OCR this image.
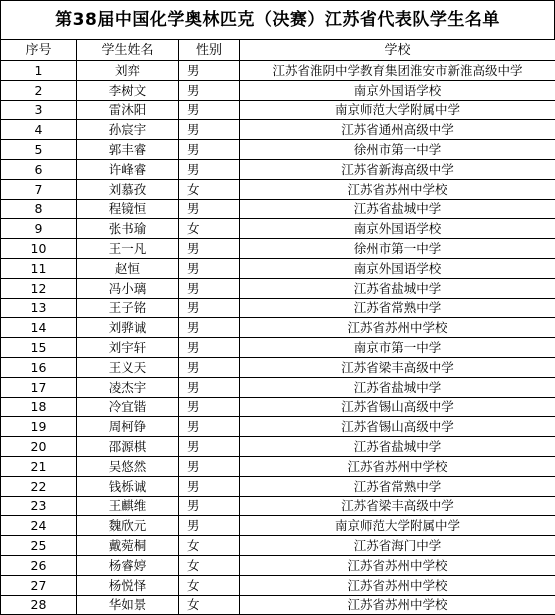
第38届中国化学奥林匹克（决赛）江苏省代表队学生名单
序号	学生姓名	性别	学校
1	刘弈	男	江苏省淮阴中学教育集团淮安市新淮高级中学
2	李树文	男	南京外国语学校
3	雷沐阳	男	南京师范大学附属中学
4	孙宸宇	男	江苏省通州高级中学
5	郭丰睿	男	徐州市第一中学
6	许峰睿	男	江苏省新海高级中学
7	刘慕孜	女	江苏省苏州中学校
8	程镜恒	男	江苏省盐城中学
9	张书瑜	女	南京外国语学校
10	王一凡	男	徐州市第一中学
11	赵恒	男	南京外国语学校
12	冯小璃	男	江苏省盐城中学
13	王子铭	男	江苏省常熟中学
14	刘骅诚	男	江苏省苏州中学校
15	刘宇轩	男	南京市第一中学
16	王义天	男	江苏省梁丰高级中学
17	凌杰宇	男	江苏省盐城中学
18	冷宜锴	男	江苏省锡山高级中学
19	周柯铮	男	江苏省锡山高级中学
20	邵源棋	男	江苏省盐城中学
21	吴悠然	男	江苏省苏州中学校
22	钱栎诚	男	江苏省常熟中学
23	王麒维	男	江苏省梁丰高级中学
24	魏欣元	男	南京师范大学附属中学
25	戴菀桐	女	江苏省海门中学
26	杨睿婷	女	江苏省苏州中学校
27	杨悦怿	女	江苏省苏州中学校
28	华如景	女	江苏省苏州中学校
